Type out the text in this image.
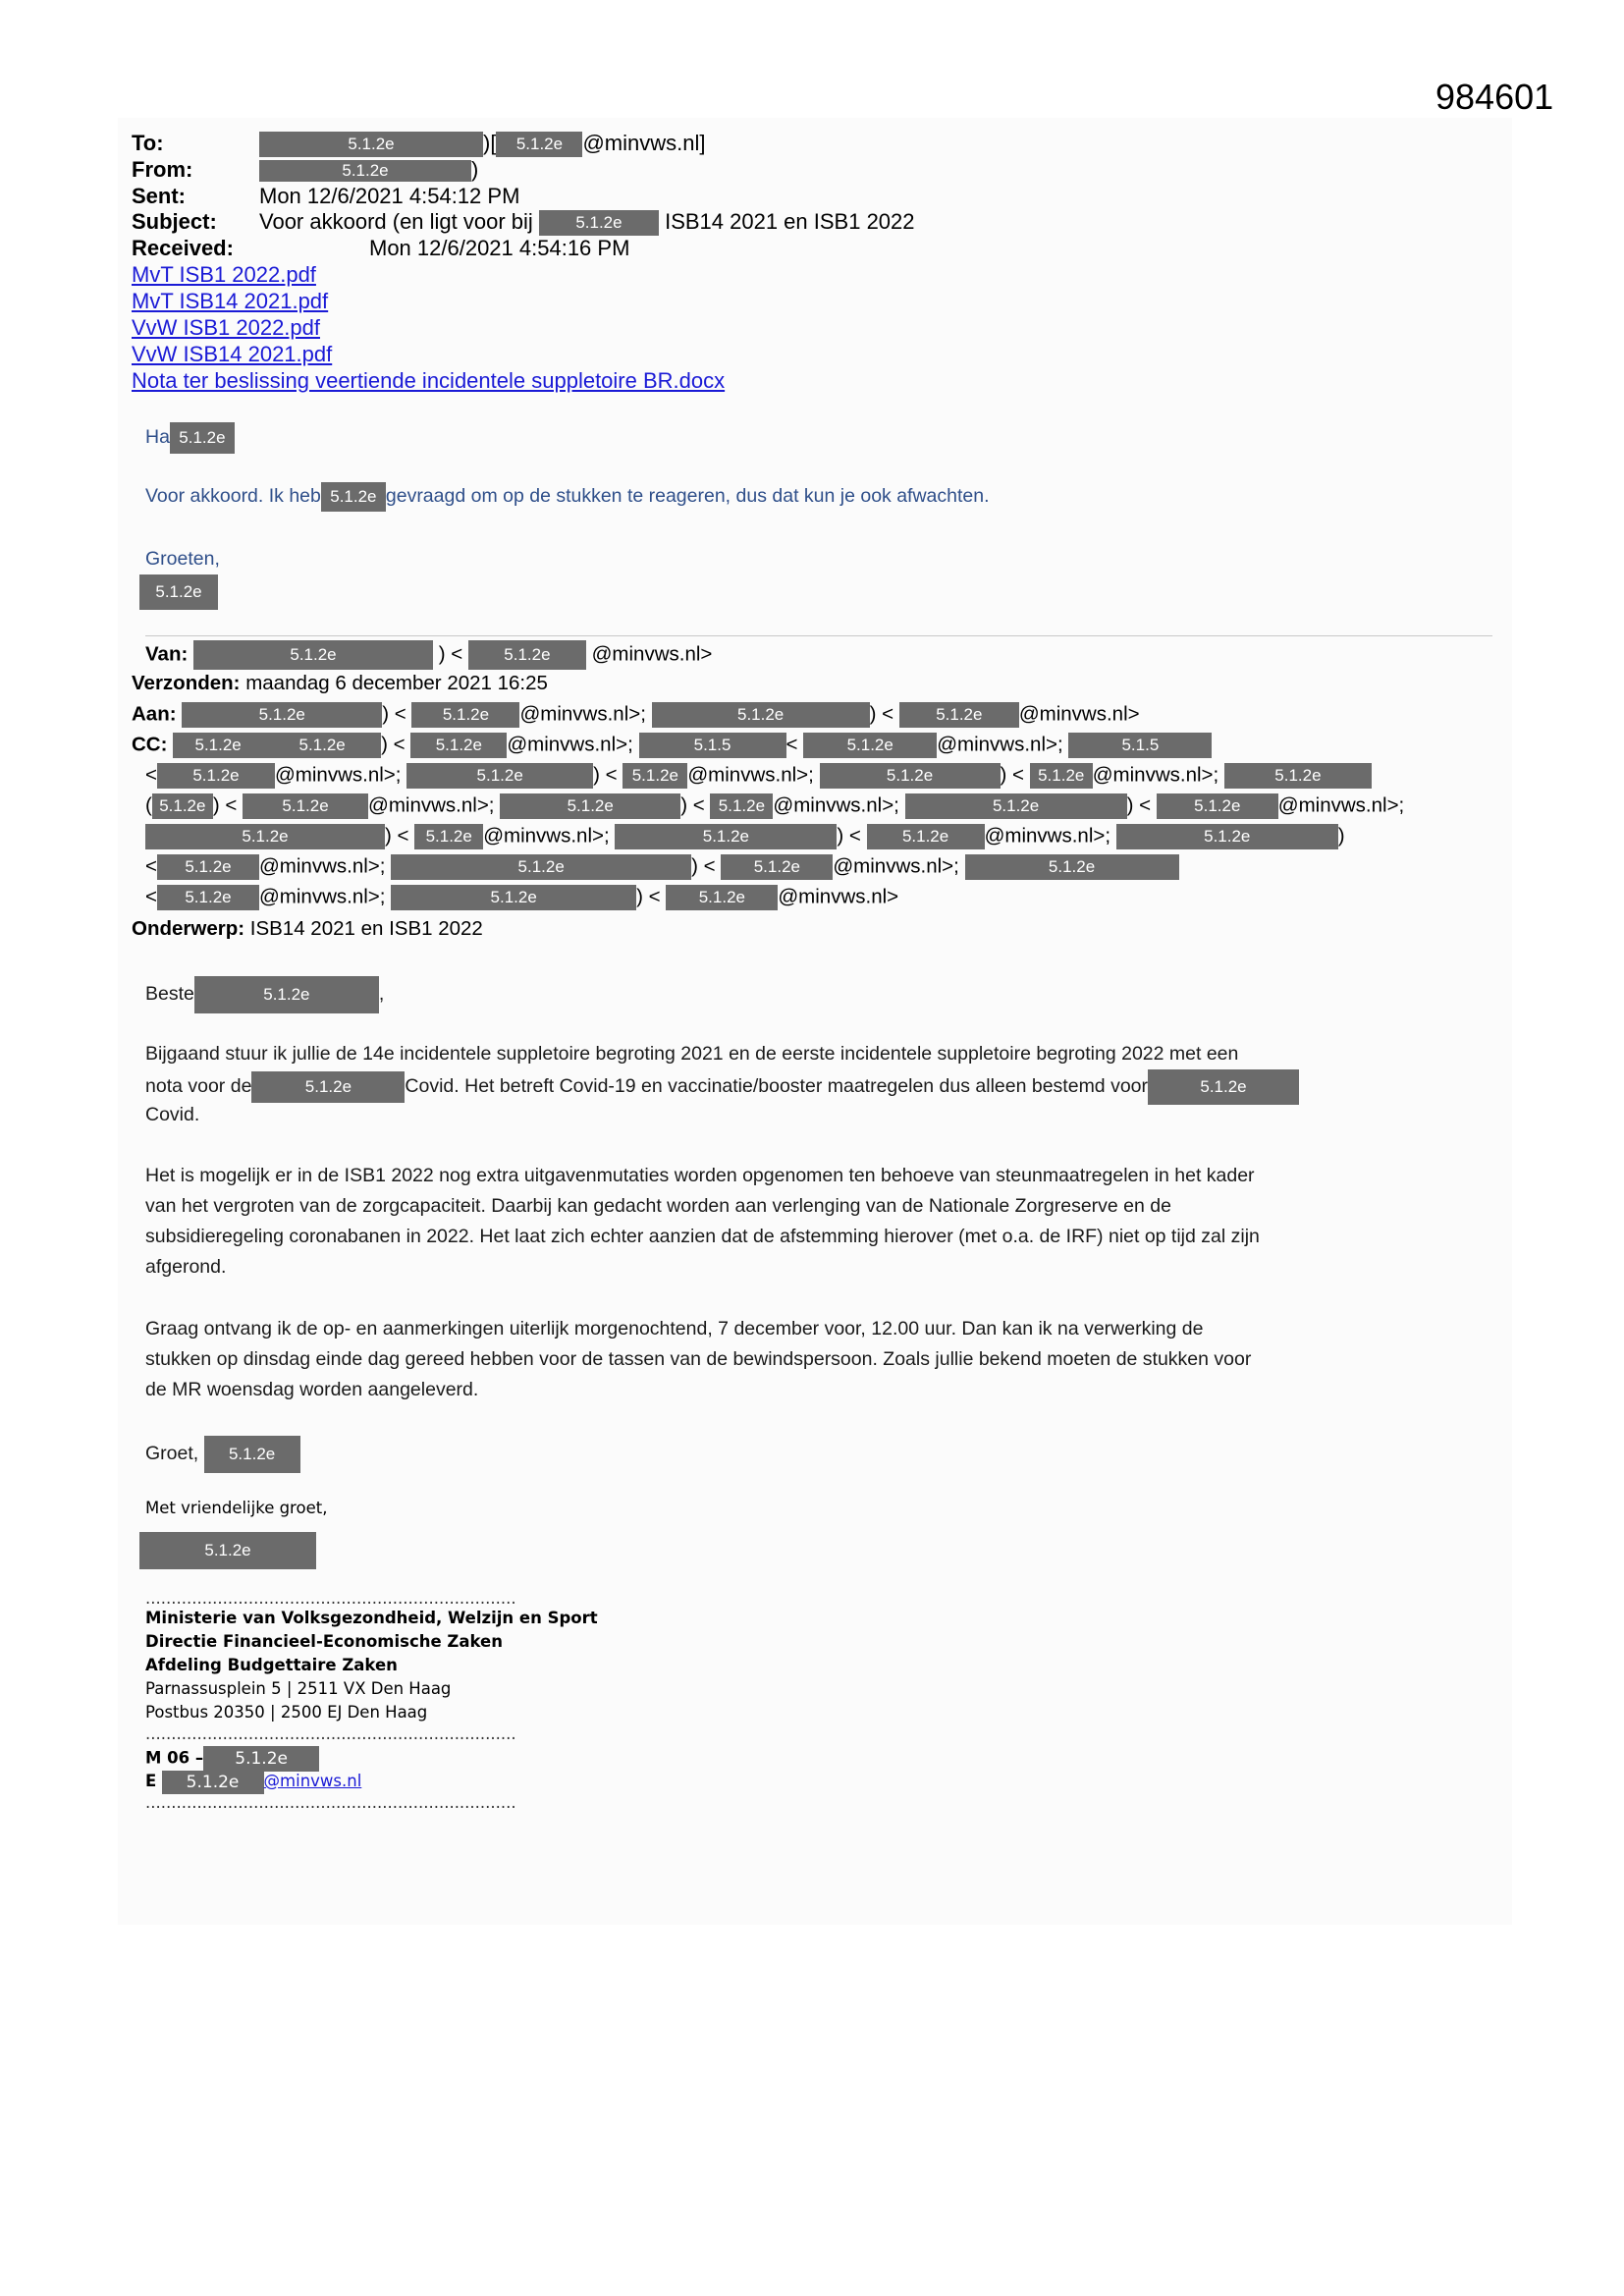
984601
To:	5.1.2e	)[ 5.1.2e @minvws.nl]
From:	5.1.2e	)
Sent:	Mon 12/6/2021 4:54:12 PM
Subject: Voor akkoord (en ligt voor bij	5.1.2e ISB14 2021 en ISB1 2022
Received:	Mon 12/6/2021 4:54:16 PM
MvT ISB1 2022.pdf
MvT ISB14 2021.pdf
VvW ISB1 2022.pdf
VvW ISB14 2021.pdf
Nota ter beslissing veertiende incidentele suppletoire BR.docx
Ha 5.1.2e
Voor akkoord. Ik heb 5.1.2e gevraagd om op de stukken te reageren, dus dat kun je ook afwachten.
Groeten,
5.1.2e
Van:	5.1.2e	) < 5.1.2e @minvws.nl>
Verzonden: maandag 6 december 2021 16:25
Aan:	5.1.2e	) < 5.1.2e @minvws.nl>;	5.1.2e	) <	5.1.2e @minvws.nl>
CC: 5.1.2e	5.1.2e ) < 5.1.2e @minvws.nl>;	5.1.5	<	5.1.2e @minvws.nl>;	5.1.5
< 5.1.2e @minvws.nl>;	5.1.2e	) < 5.1.2e @minvws.nl>;	5.1.2e	) < 5.1.2e @minvws.nl>;	5.1.2e
( 5.1.2e ) <	5.1.2e @minvws.nl>;	5.1.2e	) < 5.1.2e @minvws.nl>;	5.1.2e	) <	5.1.2e @minvws.nl>;
5.1.2e	) < 5.1.2e @minvws.nl>;	5.1.2e	) < 5.1.2e @minvws.nl>;	5.1.2e	)
< 5.1.2e @minvws.nl>;	5.1.2e	) < 5.1.2e @minvws.nl>;	5.1.2e
< 5.1.2e @minvws.nl>;	5.1.2e	) < 5.1.2e @minvws.nl>
Onderwerp: ISB14 2021 en ISB1 2022
Beste	5.1.2e	,
Bijgaand stuur ik jullie de 14e incidentele suppletoire begroting 2021 en de eerste incidentele suppletoire begroting 2022 met een
nota voor de	5.1.2e	Covid. Het betreft Covid-19 en vaccinatie/booster maatregelen dus alleen bestemd voor	5.1.2e
Covid.
Het is mogelijk er in de ISB1 2022 nog extra uitgavenmutaties worden opgenomen ten behoeve van steunmaatregelen in het kader
van het vergroten van de zorgcapaciteit. Daarbij kan gedacht worden aan verlenging van de Nationale Zorgreserve en de
subsidieregeling coronabanen in 2022. Het laat zich echter aanzien dat de afstemming hierover (met o.a. de IRF) niet op tijd zal zijn
afgerond.
Graag ontvang ik de op- en aanmerkingen uiterlijk morgenochtend, 7 december voor, 12.00 uur. Dan kan ik na verwerking de
stukken op dinsdag einde dag gereed hebben voor de tassen van de bewindspersoon. Zoals jullie bekend moeten de stukken voor
de MR woensdag worden aangeleverd.
Groet, 5.1.2e
Met vriendelijke groet,
5.1.2e
........................................................................
Ministerie van Volksgezondheid, Welzijn en Sport
Directie Financieel-Economische Zaken
Afdeling Budgettaire Zaken
Parnassusplein 5 | 2511 VX Den Haag
Postbus 20350 | 2500 EJ Den Haag
........................................................................
M 06 – 5.1.2e
E 5.1.2e @minvws.nl
........................................................................
